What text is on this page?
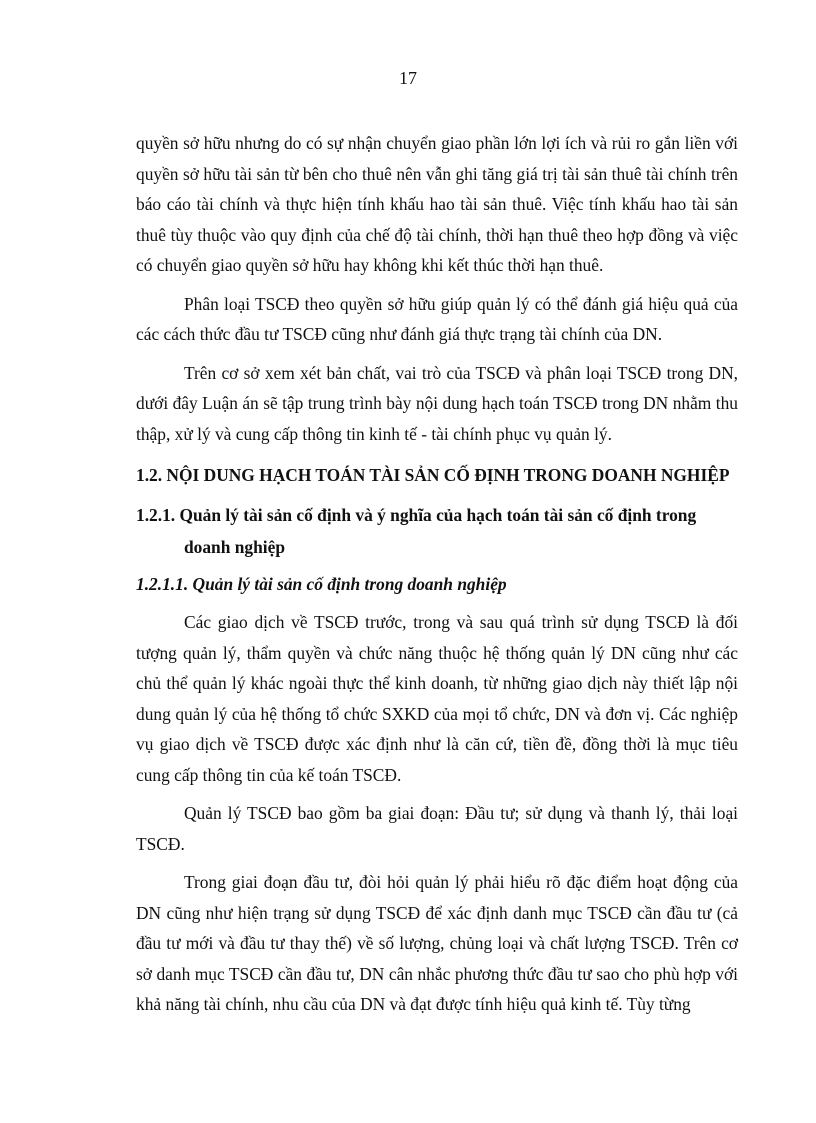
17

quyền sở hữu nhưng do có sự nhận chuyển giao phần lớn lợi ích và rủi ro gắn liền với quyền sở hữu tài sản từ bên cho thuê nên vẫn ghi tăng giá trị tài sản thuê tài chính trên báo cáo tài chính và thực hiện tính khấu hao tài sản thuê. Việc tính khấu hao tài sản thuê tùy thuộc vào quy định của chế độ tài chính, thời hạn thuê theo hợp đồng và việc có chuyển giao quyền sở hữu hay không khi kết thúc thời hạn thuê.

Phân loại TSCĐ theo quyền sở hữu giúp quản lý có thể đánh giá hiệu quả của các cách thức đầu tư TSCĐ cũng như đánh giá thực trạng tài chính của DN.

Trên cơ sở xem xét bản chất, vai trò của TSCĐ và phân loại TSCĐ trong DN, dưới đây Luận án sẽ tập trung trình bày nội dung hạch toán TSCĐ trong DN nhằm thu thập, xử lý và cung cấp thông tin kinh tế - tài chính phục vụ quản lý.

1.2. NỘI DUNG HẠCH TOÁN TÀI SẢN CỐ ĐỊNH TRONG DOANH NGHIỆP

1.2.1. Quản lý tài sản cố định và ý nghĩa của hạch toán tài sản cố định trong doanh nghiệp

1.2.1.1. Quản lý tài sản cố định trong doanh nghiệp

Các giao dịch về TSCĐ trước, trong và sau quá trình sử dụng TSCĐ là đối tượng quản lý, thẩm quyền và chức năng thuộc hệ thống quản lý DN cũng như các chủ thể quản lý khác ngoài thực thể kinh doanh, từ những giao dịch này thiết lập nội dung quản lý của hệ thống tổ chức SXKD của mọi tổ chức, DN và đơn vị. Các nghiệp vụ giao dịch về TSCĐ được xác định như là căn cứ, tiền đề, đồng thời là mục tiêu cung cấp thông tin của kế toán TSCĐ.

Quản lý TSCĐ bao gồm ba giai đoạn: Đầu tư; sử dụng và thanh lý, thải loại TSCĐ.

Trong giai đoạn đầu tư, đòi hỏi quản lý phải hiểu rõ đặc điểm hoạt động của DN cũng như hiện trạng sử dụng TSCĐ để xác định danh mục TSCĐ cần đầu tư (cả đầu tư mới và đầu tư thay thế) về số lượng, chủng loại và chất lượng TSCĐ. Trên cơ sở danh mục TSCĐ cần đầu tư, DN cân nhắc phương thức đầu tư sao cho phù hợp với khả năng tài chính, nhu cầu của DN và đạt được tính hiệu quả kinh tế. Tùy từng
